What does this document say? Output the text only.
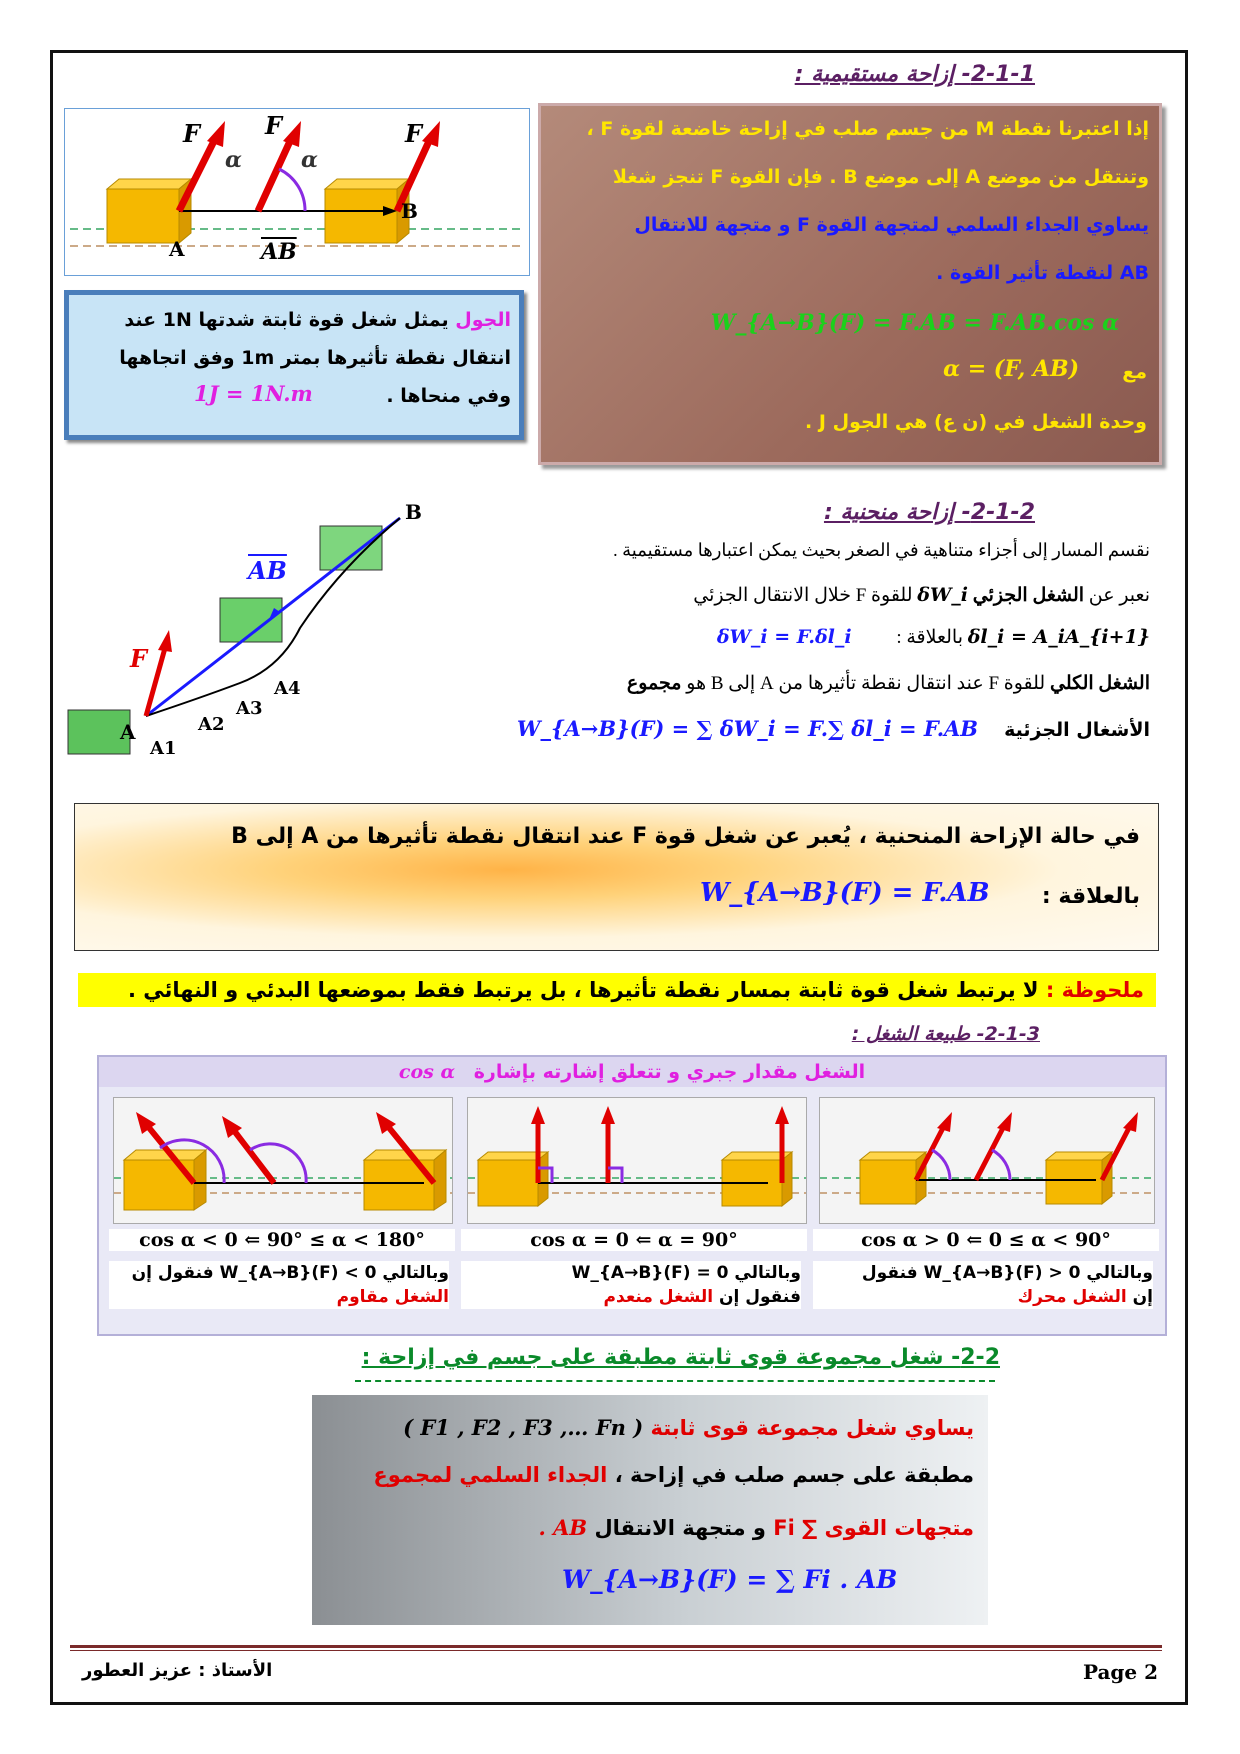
2-1-1- إزاحة مستقيمية :
F	F	F
α	α
A
B
$\overline{AB}$
إذا اعتبرنا نقطة M من جسم صلب في إزاحة خاضعة لقوة F ،
وتنتقل من موضع A إلى موضع B . فإن القوة F تنجز شغلا
يساوي الجداء السلمي لمتجهة القوة F و متجهة للانتقال
AB لنقطة تأثير القوة .
W_{A→B}(F) = F.AB = F.AB.cos α
مع
α = (F, AB)
وحدة الشغل في (ن ع) هي الجول J .
الجول يمثل شغل قوة ثابتة شدتها 1N عند
انتقال نقطة تأثيرها بمتر 1m وفق اتجاهها
وفي منحاها .
1J = 1N.m
2-1-2- إزاحة منحنية :
B
$\overline{AB}$
F
A
A1
A2
A3
A4
نقسم المسار إلى أجزاء متناهية في الصغر بحيث يمكن اعتبارها مستقيمية .
نعبر عن الشغل الجزئي δW_i للقوة F خلال الانتقال الجزئي
δl_i = A_iA_{i+1} بالعلاقة : δW_i = F.δl_i
الشغل الكلي للقوة F عند انتقال نقطة تأثيرها من A إلى B هو مجموع
الأشغال الجزئية W_{A→B}(F) = ∑ δW_i = F.∑ δl_i = F.AB
في حالة الإزاحة المنحنية ، يُعبر عن شغل قوة F عند انتقال نقطة تأثيرها من A إلى B
بالعلاقة :
W_{A→B}(F) = F.AB
ملحوظة : لا يرتبط شغل قوة ثابتة بمسار نقطة تأثيرها ، بل يرتبط فقط بموضعها البدئي و النهائي .
2-1-3- طبيعة الشغل :
الشغل مقدار جبري و تتعلق إشارته بإشارة cos α
cos α < 0 ⇐ 90° ≤ α < 180°	cos α = 0 ⇐ α = 90°	cos α > 0 ⇐ 0 ≤ α < 90°
وبالتالي W_{A→B}(F) < 0 فنقول إن
الشغل مقاوم
وبالتالي W_{A→B}(F) = 0
فنقول إن الشغل منعدم
وبالتالي W_{A→B}(F) > 0 فنقول
إن الشغل محرك
2-2- شغل مجموعة قوى ثابتة مطبقة على جسم في إزاحة :
يساوي شغل مجموعة قوى ثابتة ( F1 , F2 , F3 ,… Fn )
مطبقة على جسم صلب في إزاحة ، الجداء السلمي لمجموع
متجهات القوى ∑ Fi و متجهة الانتقال AB .
W_{A→B}(F) = ∑ Fi . AB
Page 2
الأستاذ : عزيز العطور
